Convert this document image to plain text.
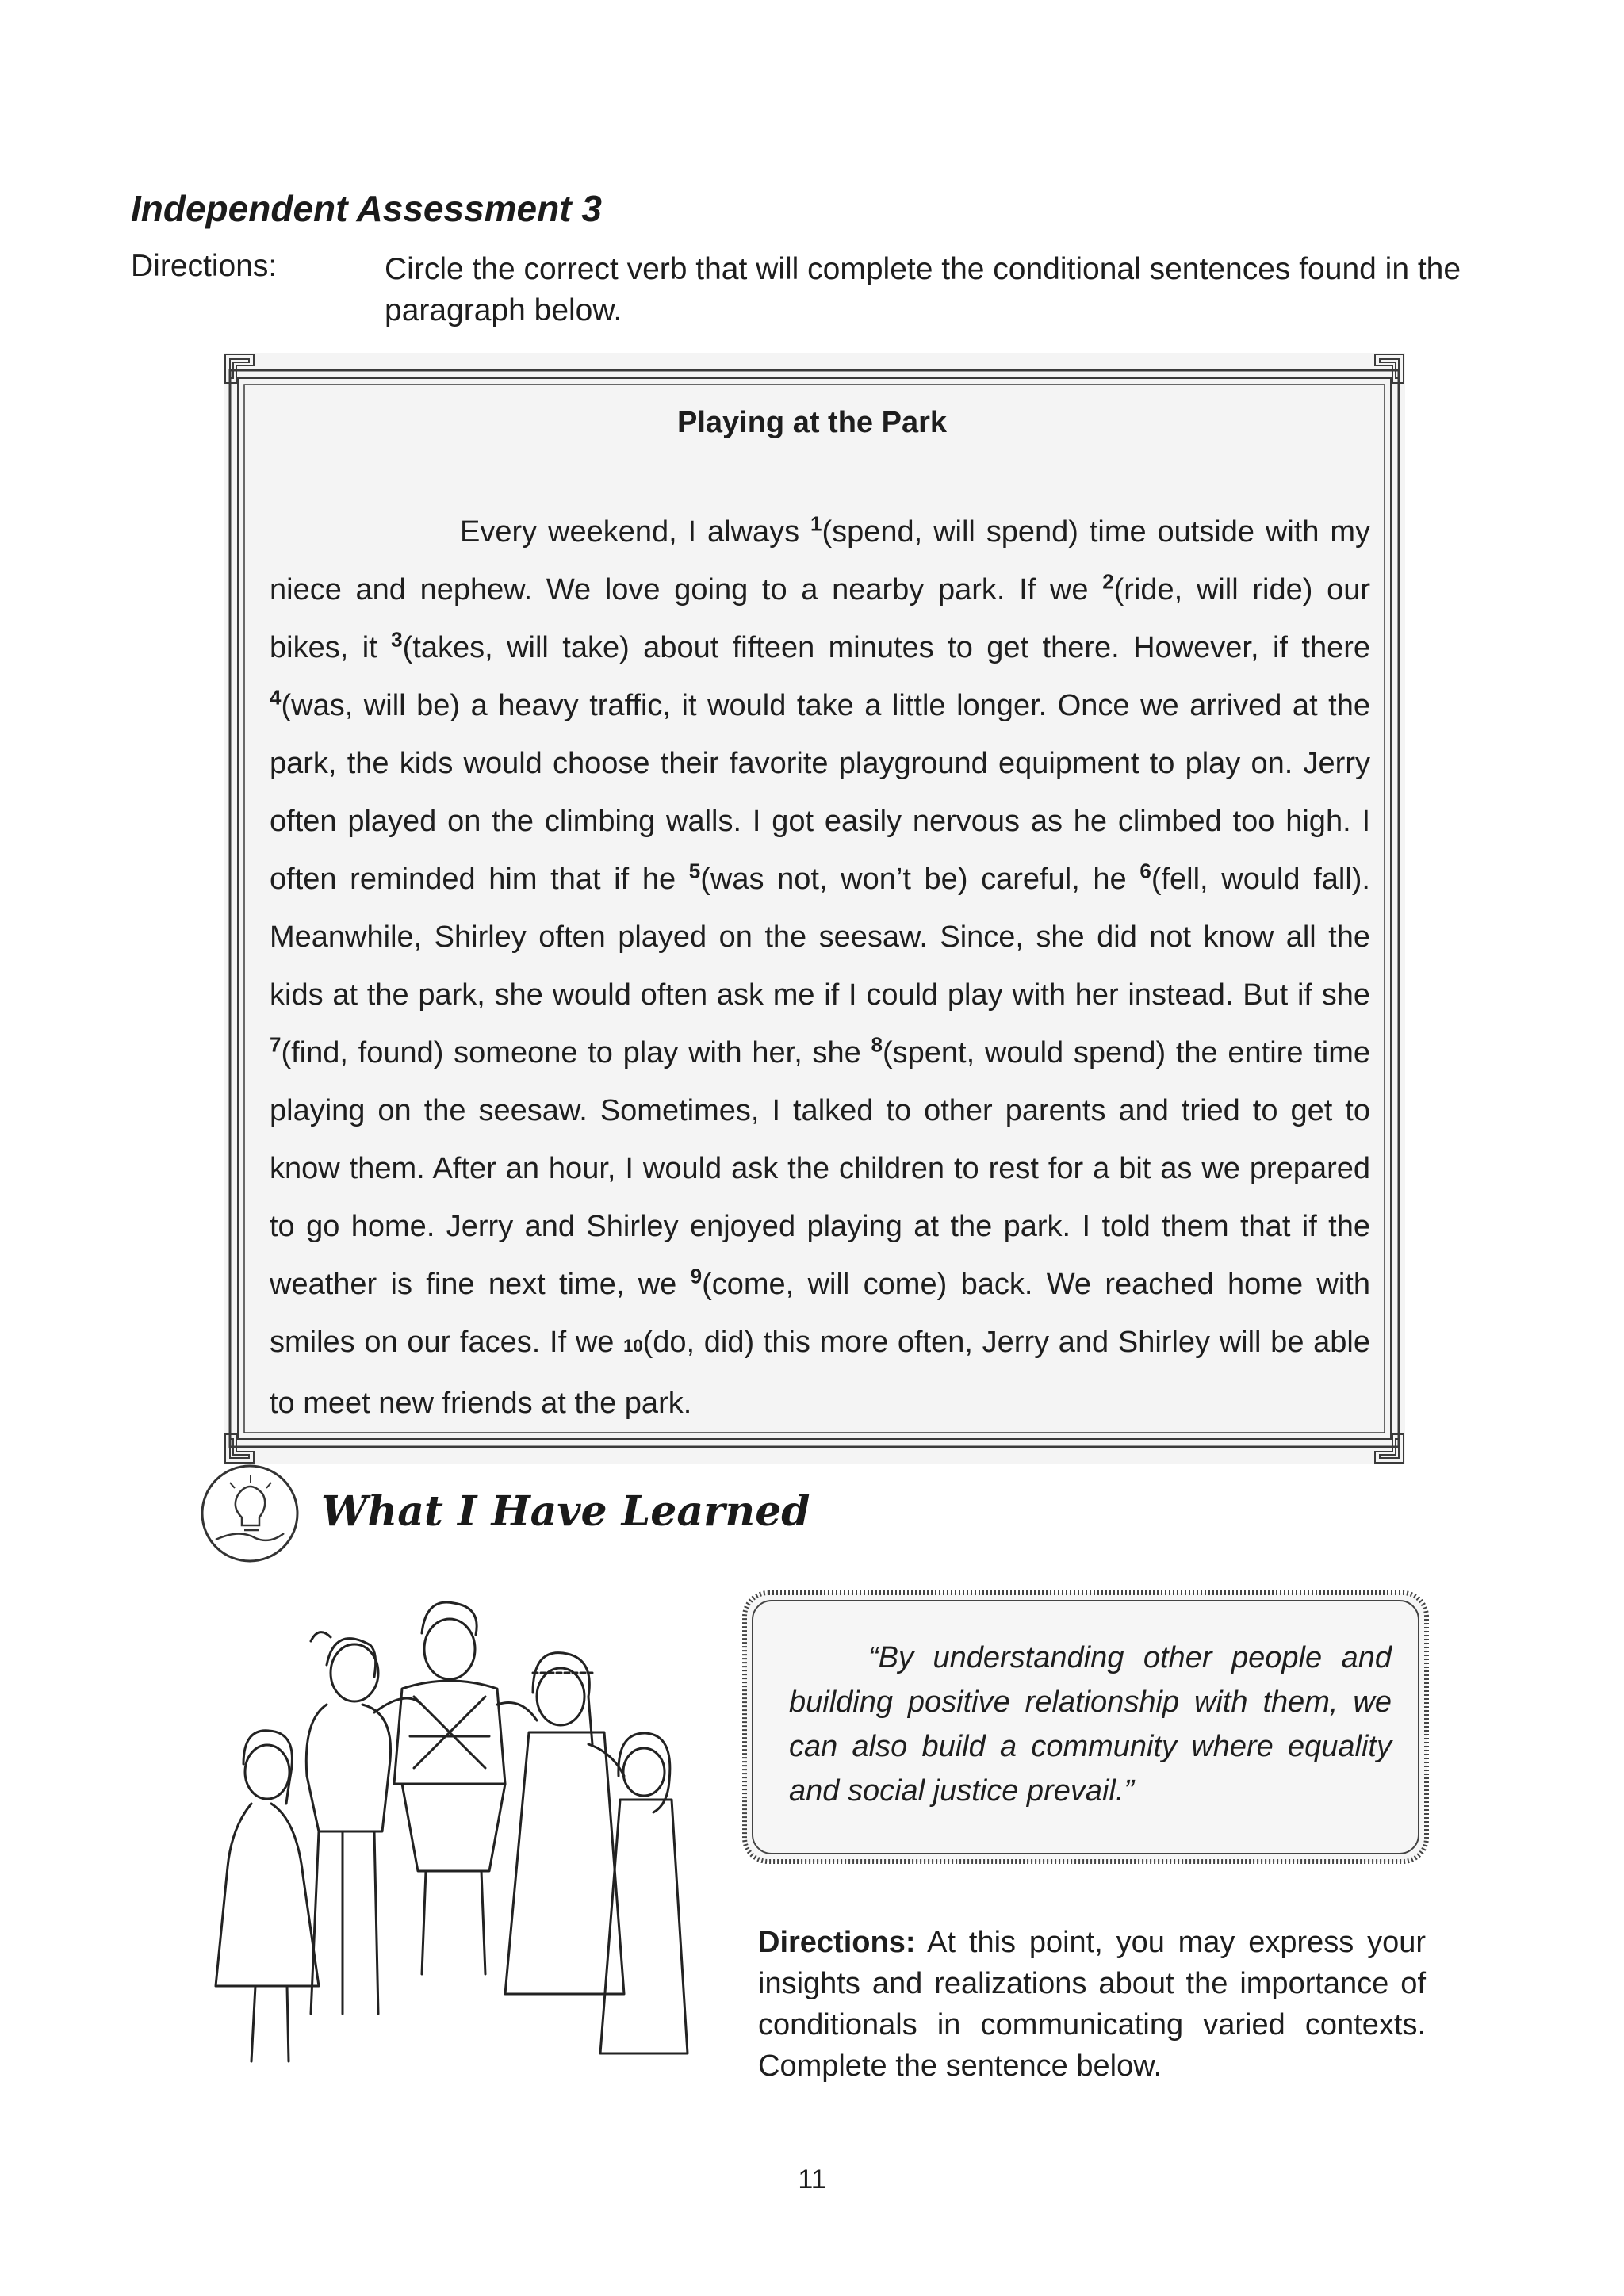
Independent Assessment 3
Directions:	Circle the correct verb that will complete the conditional sentences found in the paragraph below.
Playing at the Park

Every weekend, I always $^1$(spend, will spend) time outside with my niece and nephew. We love going to a nearby park. If we $^2$(ride, will ride) our bikes, it $^3$(takes, will take) about fifteen minutes to get there. However, if there $^4$(was, will be) a heavy traffic, it would take a little longer. Once we arrived at the park, the kids would choose their favorite playground equipment to play on. Jerry often played on the climbing walls. I got easily nervous as he climbed too high. I often reminded him that if he $^5$(was not, won’t be) careful, he $^6$(fell, would fall). Meanwhile, Shirley often played on the seesaw. Since, she did not know all the kids at the park, she would often ask me if I could play with her instead. But if she $^7$(find, found) someone to play with her, she $^8$(spent, would spend) the entire time playing on the seesaw. Sometimes, I talked to other parents and tried to get to know them. After an hour, I would ask the children to rest for a bit as we prepared to go home. Jerry and Shirley enjoyed playing at the park. I told them that if the weather is fine next time, we $^9$(come, will come) back. We reached home with smiles on our faces. If we 10(do, did) this more often, Jerry and Shirley will be able to meet new friends at the park.

What I Have Learned

“By understanding other people and building positive relationship with them, we can also build a community where equality and social justice prevail.”

Directions: At this point, you may express your insights and realizations about the importance of conditionals in communicating varied contexts. Complete the sentence below.

11
